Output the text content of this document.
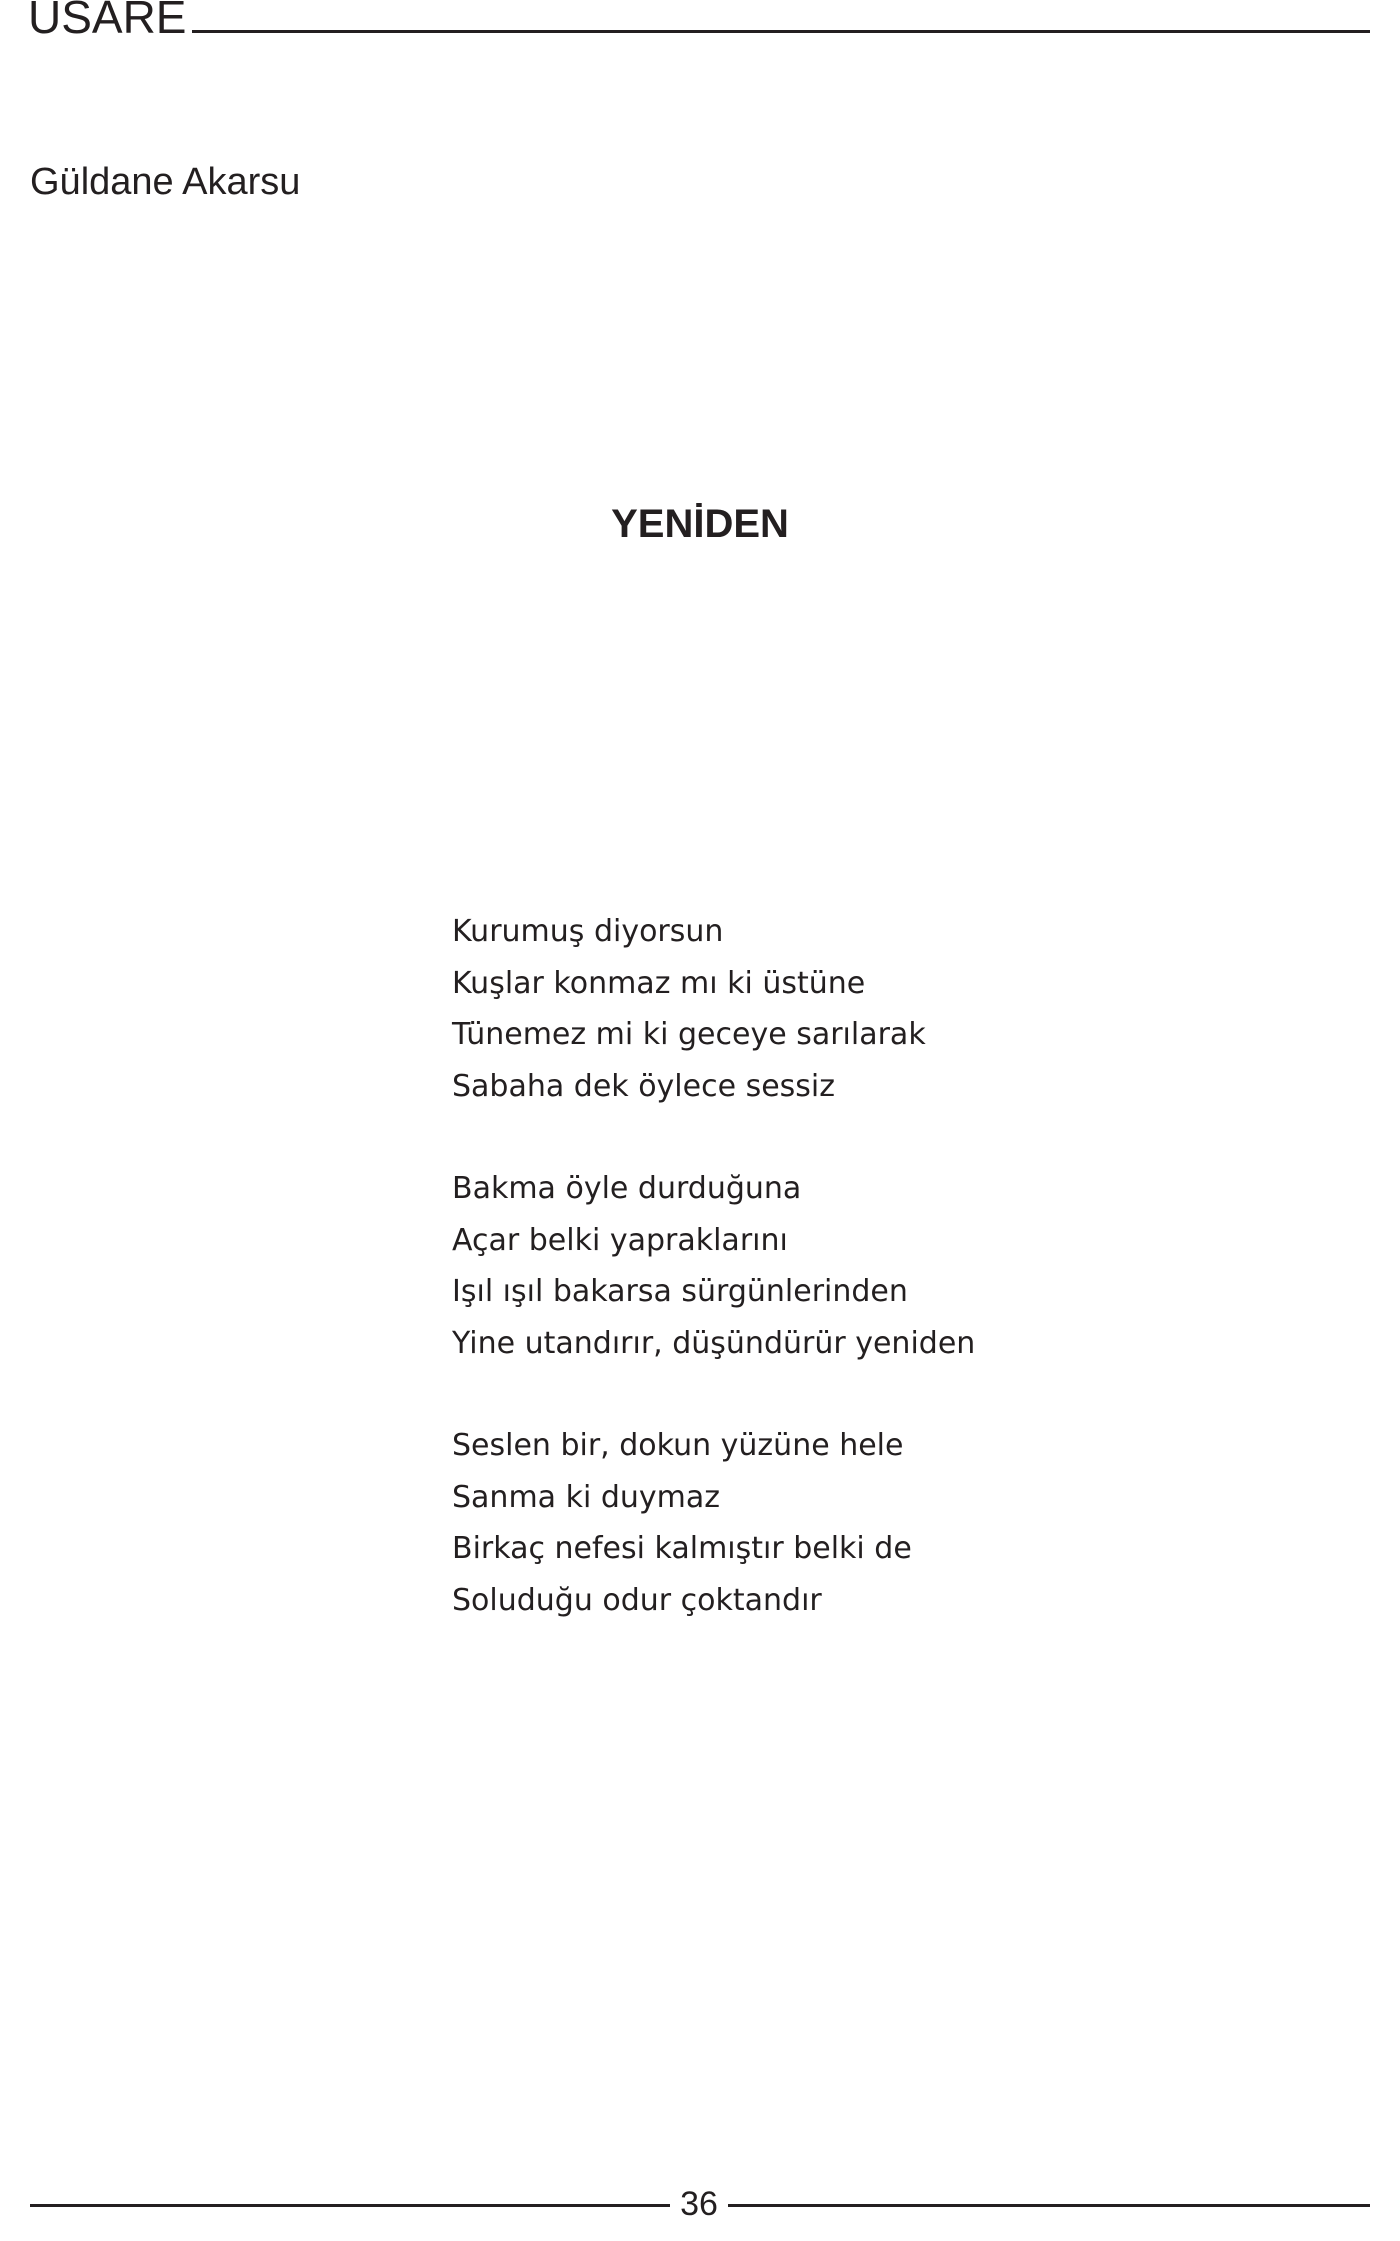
USARE
Güldane Akarsu
YENİDEN
Kurumuş diyorsun
Kuşlar konmaz mı ki üstüne
Tünemez mi ki geceye sarılarak
Sabaha dek öylece sessiz
Bakma öyle durduğuna
Açar belki yapraklarını
Işıl ışıl bakarsa sürgünlerinden
Yine utandırır, düşündürür yeniden
Seslen bir, dokun yüzüne hele
Sanma ki duymaz
Birkaç nefesi kalmıştır belki de
Soluduğu odur çoktandır
36
